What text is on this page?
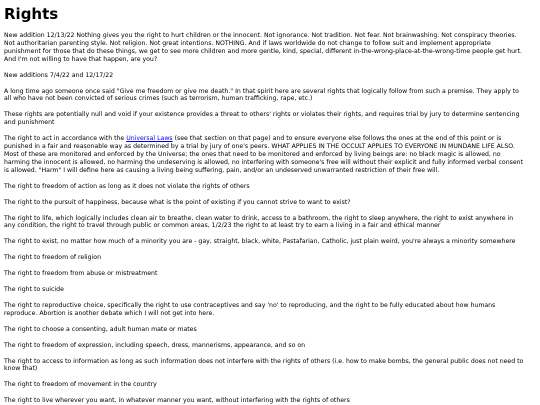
Rights

New addition 12/13/22 Nothing gives you the right to hurt children or the innocent. Not ignorance. Not tradition. Not fear. Not brainwashing. Not conspiracy theories. Not authoritarian parenting style. Not religion. Not great intentions. NOTHING. And if laws worldwide do not change to follow suit and implement appropriate punishment for those that do these things, we get to see more children and more gentle, kind, special, different in-the-wrong-place-at-the-wrong-time people get hurt. And I'm not willing to have that happen, are you?

New additions 7/4/22 and 12/17/22

A long time ago someone once said "Give me freedom or give me death." In that spirit here are several rights that logically follow from such a premise. They apply to all who have not been convicted of serious crimes (such as terrorism, human trafficking, rape, etc.)

These rights are potentially null and void if your existence provides a threat to others' rights or violates their rights, and requires trial by jury to determine sentencing and punishment

The right to act in accordance with the Universal Laws (see that section on that page) and to ensure everyone else follows the ones at the end of this point or is punished in a fair and reasonable way as determined by a trial by jury of one's peers. WHAT APPLIES IN THE OCCULT APPLIES TO EVERYONE IN MUNDANE LIFE ALSO. Most of these are monitored and enforced by the Universe; the ones that need to be monitored and enforced by living beings are: no black magic is allowed, no harming the innocent is allowed, no harming the undeserving is allowed, no interfering with someone's free will without their explicit and fully informed verbal consent is allowed. "Harm" I will define here as causing a living being suffering, pain, and/or an undeserved unwarranted restriction of their free will.

The right to freedom of action as long as it does not violate the rights of others

The right to the pursuit of happiness, because what is the point of existing if you cannot strive to want to exist?

The right to life, which logically includes clean air to breathe, clean water to drink, access to a bathroom, the right to sleep anywhere, the right to exist anywhere in any condition, the right to travel through public or common areas, 1/2/23 the right to at least try to earn a living in a fair and ethical manner

The right to exist, no matter how much of a minority you are - gay, straight, black, white, Pastafarian, Catholic, just plain weird, you're always a minority somewhere

The right to freedom of religion

The right to freedom from abuse or mistreatment

The right to suicide

The right to reproductive choice, specifically the right to use contraceptives and say 'no' to reproducing, and the right to be fully educated about how humans reproduce. Abortion is another debate which I will not get into here.

The right to choose a consenting, adult human mate or mates

The right to freedom of expression, including speech, dress, mannerisms, appearance, and so on

The right to access to information as long as such information does not interfere with the rights of others (i.e. how to make bombs, the general public does not need to know that)

The right to freedom of movement in the country

The right to live wherever you want, in whatever manner you want, without interfering with the rights of others
